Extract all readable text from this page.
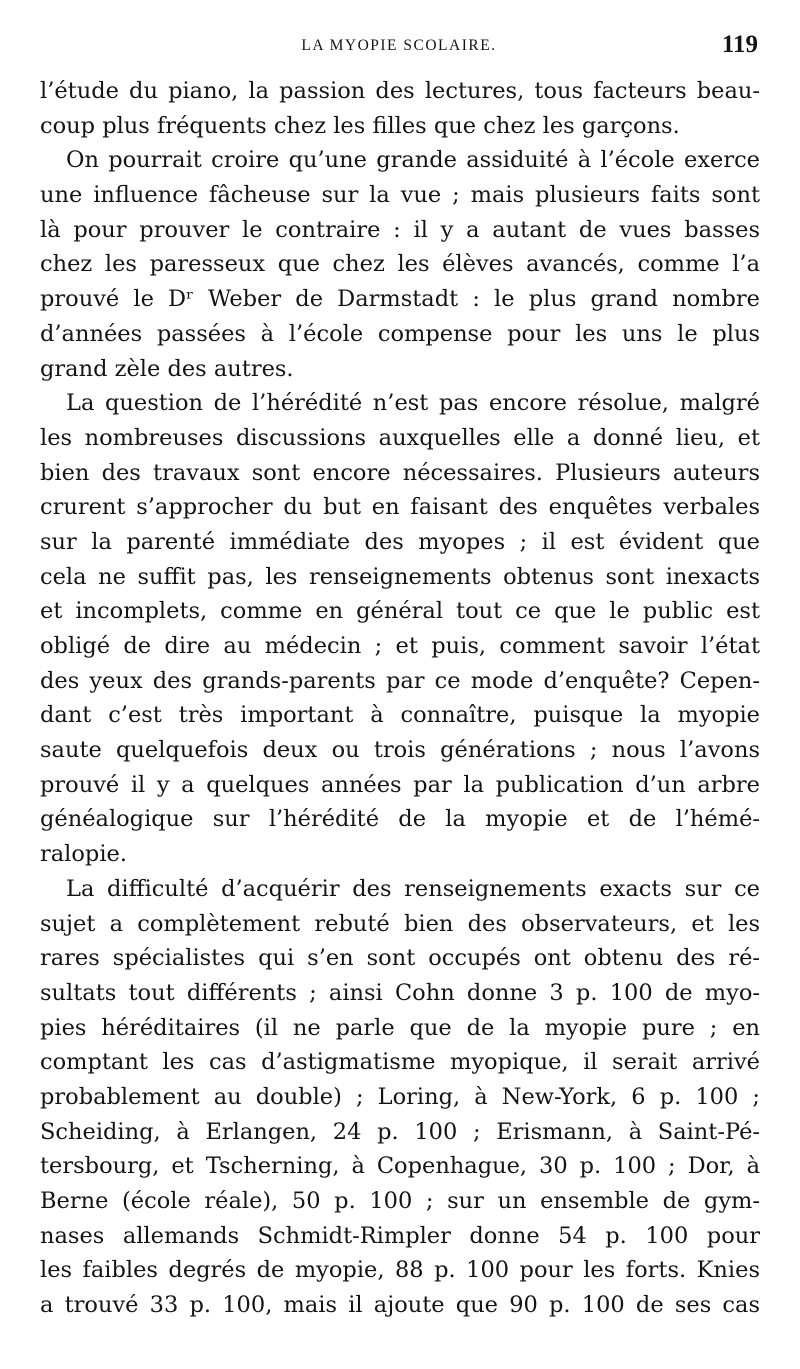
LA MYOPIE SCOLAIRE.	119
l’étude du piano, la passion des lectures, tous facteurs beau-
coup plus fréquents chez les filles que chez les garçons.
On pourrait croire qu’une grande assiduité à l’école exerce
une influence fâcheuse sur la vue ; mais plusieurs faits sont
là pour prouver le contraire : il y a autant de vues basses
chez les paresseux que chez les élèves avancés, comme l’a
prouvé le Dʳ Weber de Darmstadt : le plus grand nombre
d’années passées à l’école compense pour les uns le plus
grand zèle des autres.
La question de l’hérédité n’est pas encore résolue, malgré
les nombreuses discussions auxquelles elle a donné lieu, et
bien des travaux sont encore nécessaires. Plusieurs auteurs
crurent s’approcher du but en faisant des enquêtes verbales
sur la parenté immédiate des myopes ; il est évident que
cela ne suffit pas, les renseignements obtenus sont inexacts
et incomplets, comme en général tout ce que le public est
obligé de dire au médecin ; et puis, comment savoir l’état
des yeux des grands-parents par ce mode d’enquête? Cepen-
dant c’est très important à connaître, puisque la myopie
saute quelquefois deux ou trois générations ; nous l’avons
prouvé il y a quelques années par la publication d’un arbre
généalogique sur l’hérédité de la myopie et de l’hémé-
ralopie.
La difficulté d’acquérir des renseignements exacts sur ce
sujet a complètement rebuté bien des observateurs, et les
rares spécialistes qui s’en sont occupés ont obtenu des ré-
sultats tout différents ; ainsi Cohn donne 3 p. 100 de myo-
pies héréditaires (il ne parle que de la myopie pure ; en
comptant les cas d’astigmatisme myopique, il serait arrivé
probablement au double) ; Loring, à New-York, 6 p. 100 ;
Scheiding, à Erlangen, 24 p. 100 ; Erismann, à Saint-Pé-
tersbourg, et Tscherning, à Copenhague, 30 p. 100 ; Dor, à
Berne (école réale), 50 p. 100 ; sur un ensemble de gym-
nases allemands Schmidt-Rimpler donne 54 p. 100 pour
les faibles degrés de myopie, 88 p. 100 pour les forts. Knies
a trouvé 33 p. 100, mais il ajoute que 90 p. 100 de ses cas
